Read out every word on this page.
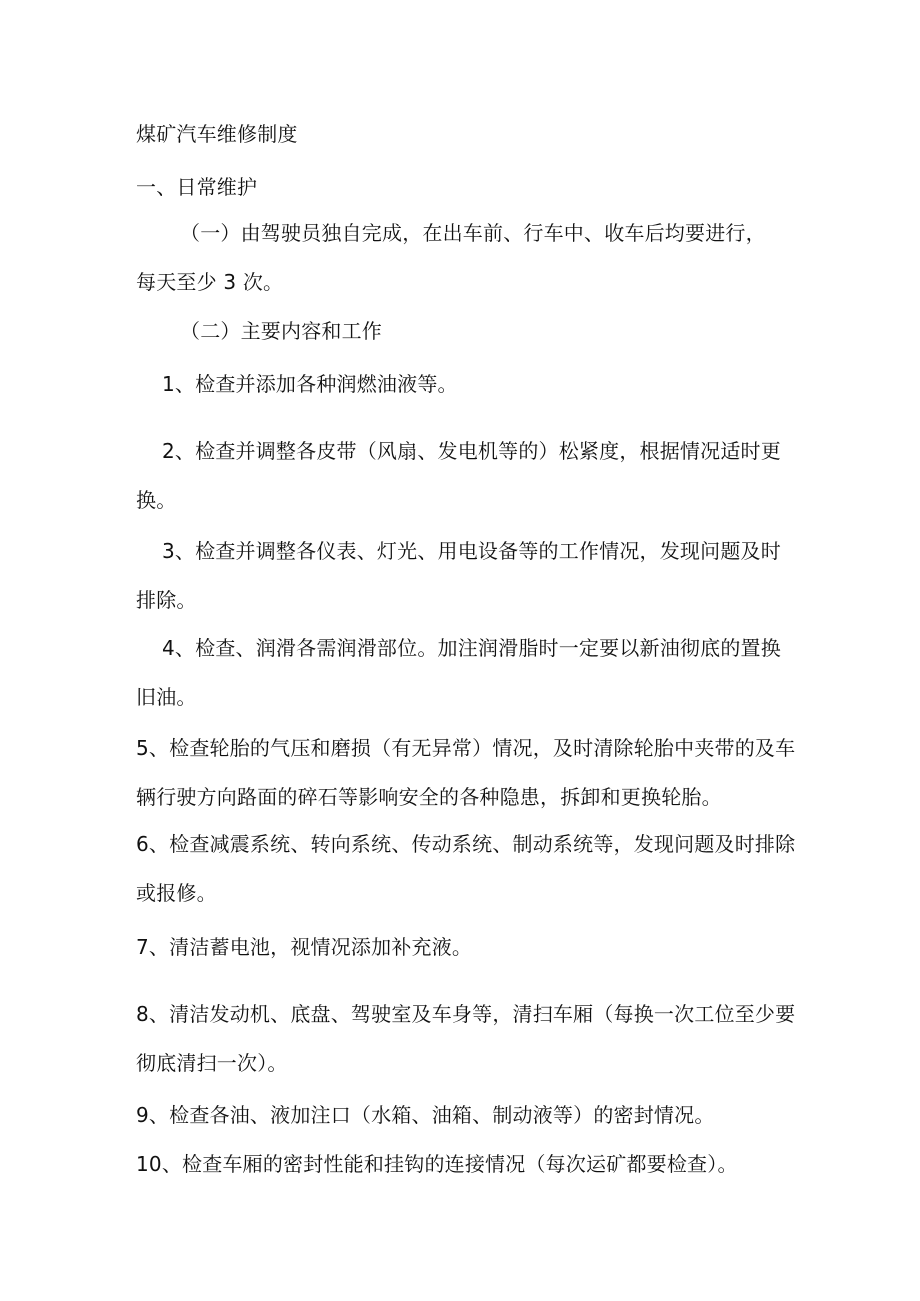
煤矿汽车维修制度
一、日常维护
（一）由驾驶员独自完成，在出车前、行车中、收车后均要进行，
每天至少 3 次。
（二）主要内容和工作
1、检查并添加各种润燃油液等。
2、检查并调整各皮带（风扇、发电机等的）松紧度，根据情况适时更
换。
3、检查并调整各仪表、灯光、用电设备等的工作情况，发现问题及时
排除。
4、检查、润滑各需润滑部位。加注润滑脂时一定要以新油彻底的置换
旧油。
5、检查轮胎的气压和磨损（有无异常）情况，及时清除轮胎中夹带的及车
辆行驶方向路面的碎石等影响安全的各种隐患，拆卸和更换轮胎。
6、检查减震系统、转向系统、传动系统、制动系统等，发现问题及时排除
或报修。
7、清洁蓄电池，视情况添加补充液。
8、清洁发动机、底盘、驾驶室及车身等，清扫车厢（每换一次工位至少要
彻底清扫一次）。
9、检查各油、液加注口（水箱、油箱、制动液等）的密封情况。
10、检查车厢的密封性能和挂钩的连接情况（每次运矿都要检查）。
